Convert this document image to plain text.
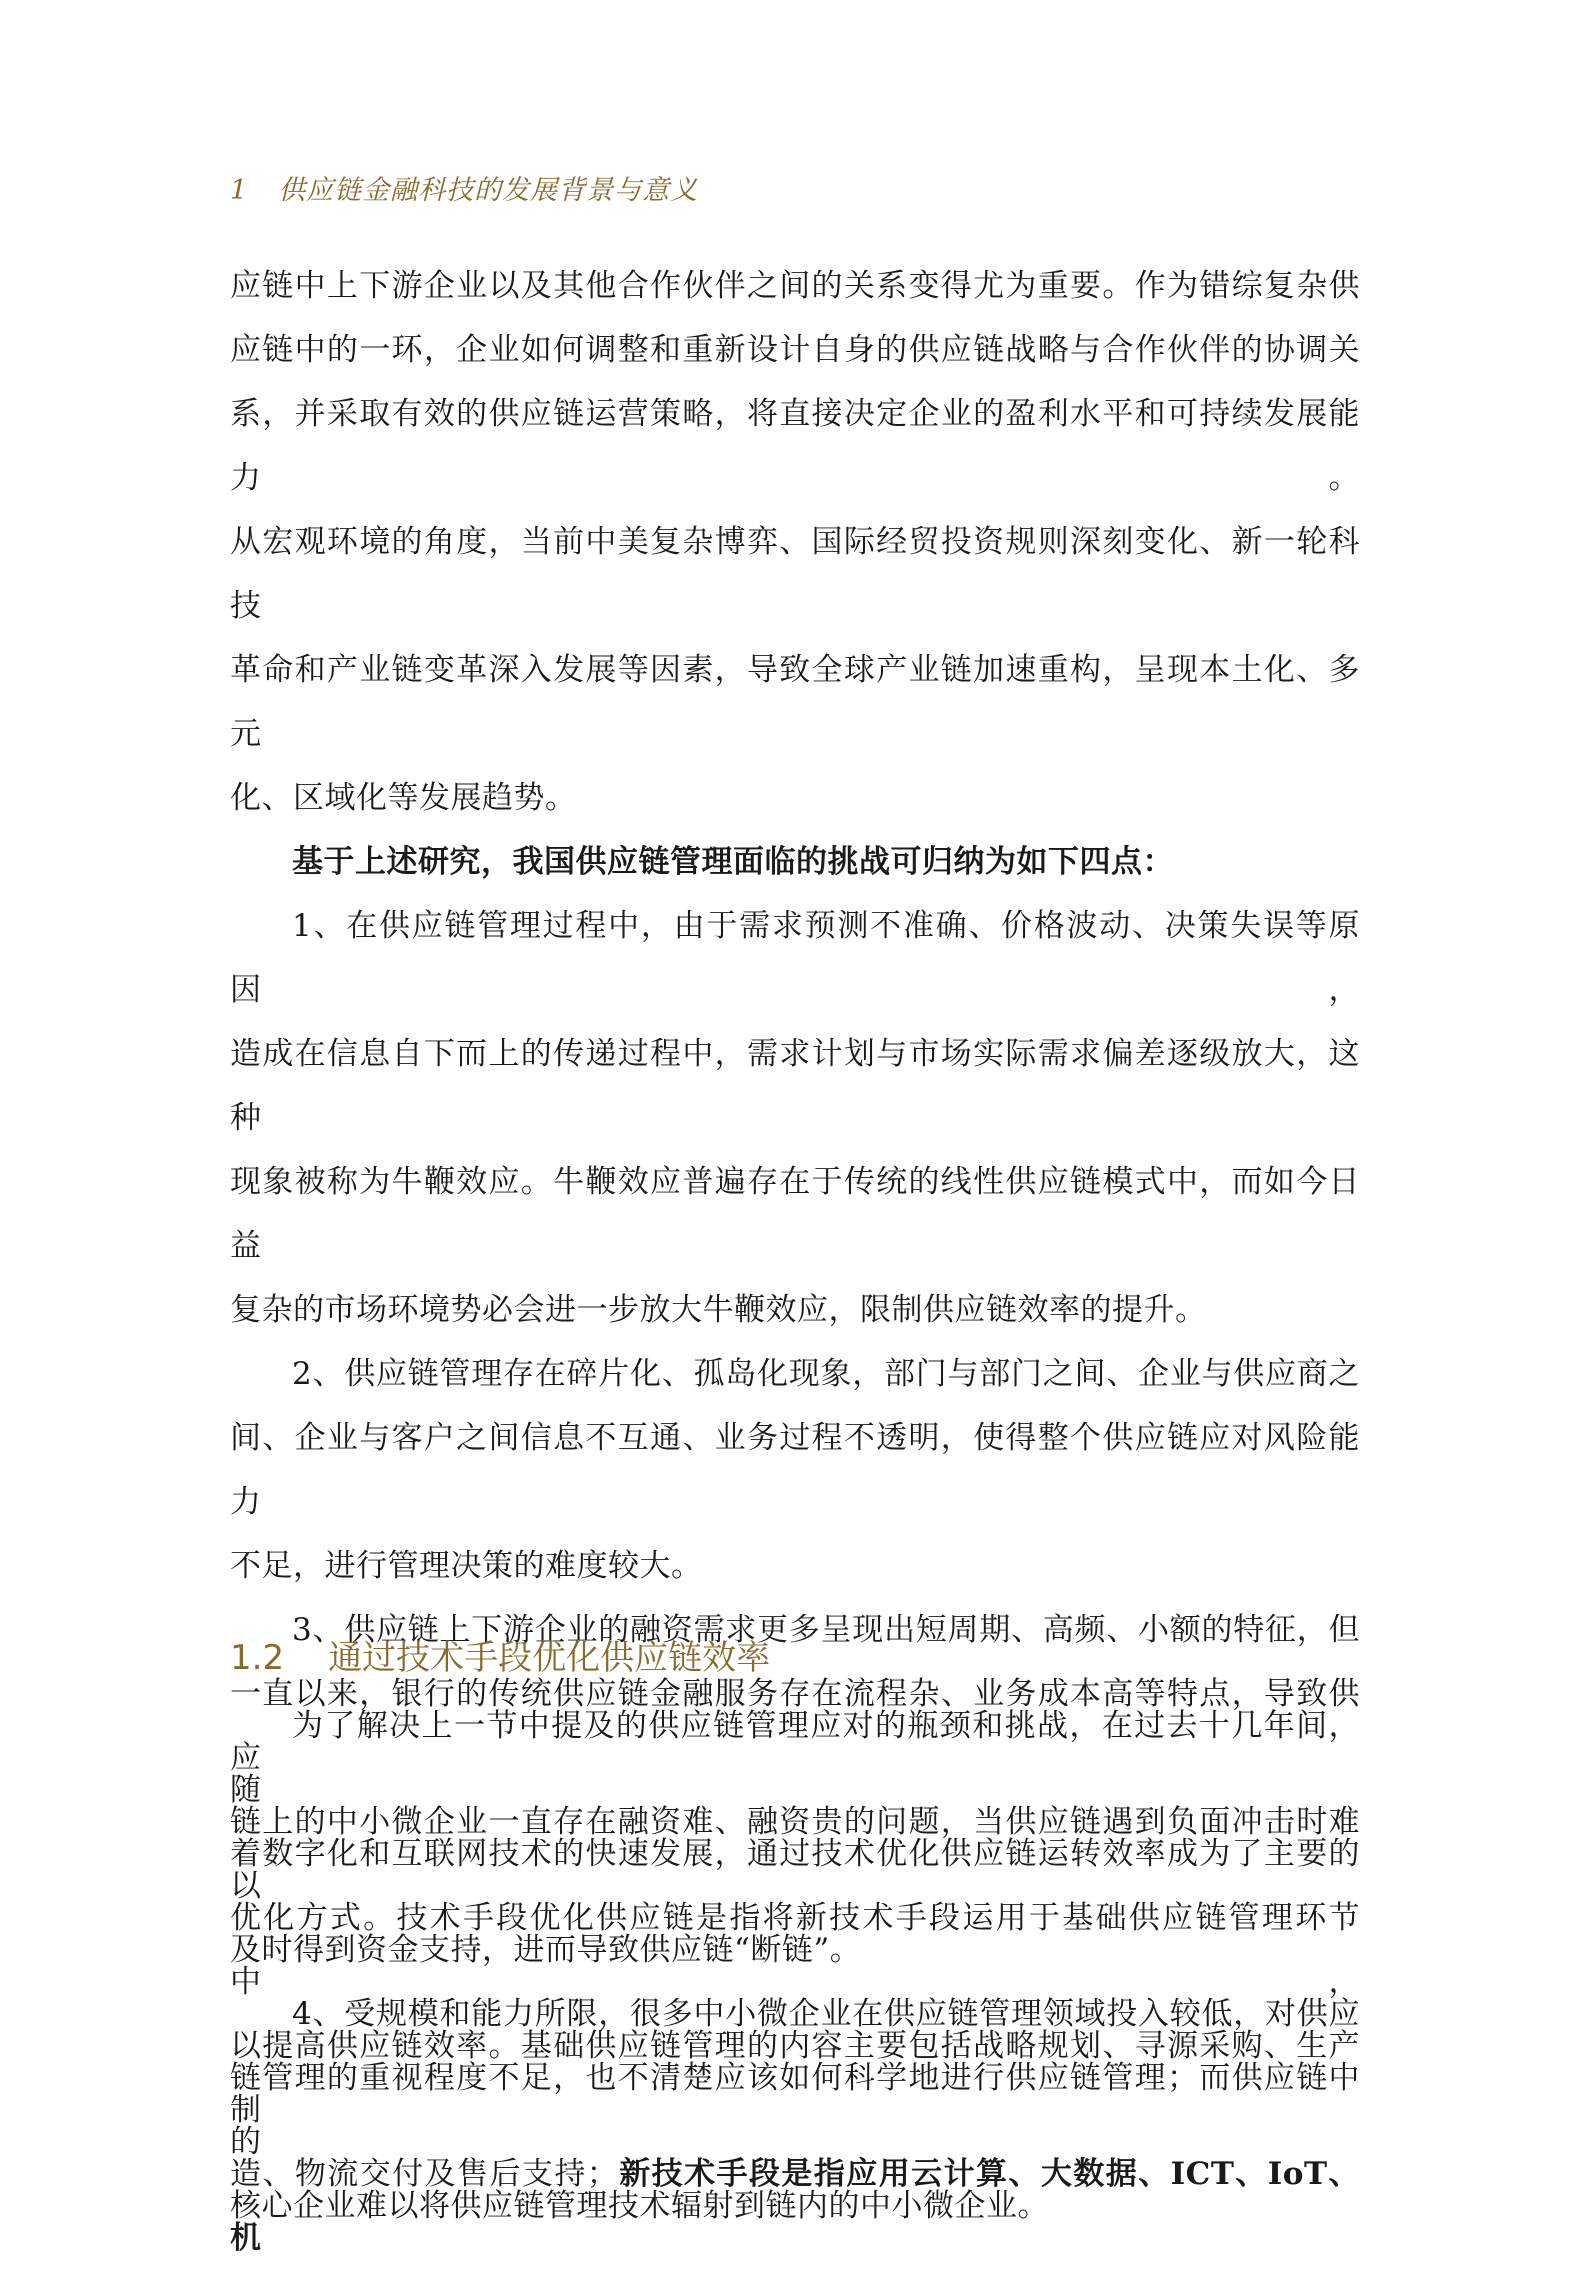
1 供应链金融科技的发展背景与意义
应链中上下游企业以及其他合作伙伴之间的关系变得尤为重要。作为错综复杂供
应链中的一环，企业如何调整和重新设计自身的供应链战略与合作伙伴的协调关
系，并采取有效的供应链运营策略，将直接决定企业的盈利水平和可持续发展能力。
从宏观环境的角度，当前中美复杂博弈、国际经贸投资规则深刻变化、新一轮科技
革命和产业链变革深入发展等因素，导致全球产业链加速重构，呈现本土化、多元
化、区域化等发展趋势。
基于上述研究，我国供应链管理面临的挑战可归纳为如下四点：
1、在供应链管理过程中，由于需求预测不准确、价格波动、决策失误等原因，
造成在信息自下而上的传递过程中，需求计划与市场实际需求偏差逐级放大，这种
现象被称为牛鞭效应。牛鞭效应普遍存在于传统的线性供应链模式中，而如今日益
复杂的市场环境势必会进一步放大牛鞭效应，限制供应链效率的提升。
2、供应链管理存在碎片化、孤岛化现象，部门与部门之间、企业与供应商之
间、企业与客户之间信息不互通、业务过程不透明，使得整个供应链应对风险能力
不足，进行管理决策的难度较大。
3、供应链上下游企业的融资需求更多呈现出短周期、高频、小额的特征，但
一直以来，银行的传统供应链金融服务存在流程杂、业务成本高等特点，导致供应
链上的中小微企业一直存在融资难、融资贵的问题，当供应链遇到负面冲击时难以
及时得到资金支持，进而导致供应链“断链”。
4、受规模和能力所限，很多中小微企业在供应链管理领域投入较低，对供应
链管理的重视程度不足，也不清楚应该如何科学地进行供应链管理；而供应链中的
核心企业难以将供应链管理技术辐射到链内的中小微企业。
1.2 通过技术手段优化供应链效率
为了解决上一节中提及的供应链管理应对的瓶颈和挑战，在过去十几年间，随
着数字化和互联网技术的快速发展，通过技术优化供应链运转效率成为了主要的
优化方式。技术手段优化供应链是指将新技术手段运用于基础供应链管理环节中，
以提高供应链效率。基础供应链管理的内容主要包括战略规划、寻源采购、生产制
造、物流交付及售后支持；新技术手段是指应用云计算、大数据、ICT、IoT、机
